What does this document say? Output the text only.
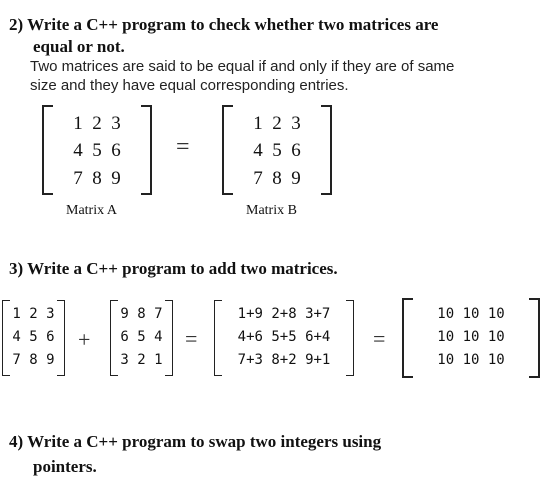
2) Write a C++ program to check whether two matrices are
equal or not.
Two matrices are said to be equal if and only if they are of same
size and they have equal corresponding entries.
1  2  3
4  5  6
7  8  9
=
1  2  3
4  5  6
7  8  9
Matrix A	Matrix B
3) Write a C++ program to add two matrices.
1 2 3
4 5 6
7 8 9
+
9 8 7
6 5 4
3 2 1
=
1+9 2+8 3+7
4+6 5+5 6+4
7+3 8+2 9+1
=
10 10 10
10 10 10
10 10 10
4) Write a C++ program to swap two integers using
pointers.
